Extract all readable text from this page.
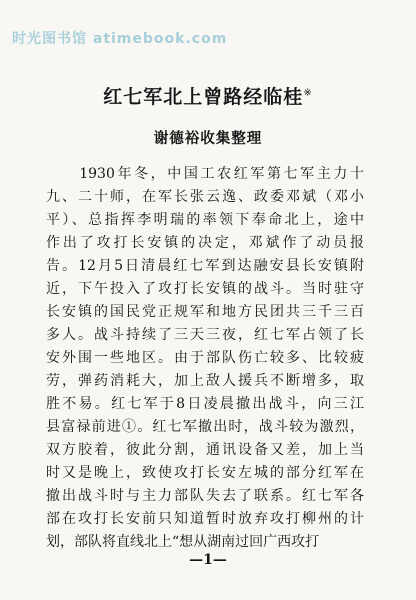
时光图书馆 atimebook.com
红七军北上曾路经临桂※
谢德裕收集整理
　　1930年冬，中国工农红军第七军主力十
九、二十师，在军长张云逸、政委邓斌（邓小
平）、总指挥李明瑞的率领下奉命北上，途中
作出了攻打长安镇的决定，邓斌作了动员报
告。12月5日清晨红七军到达融安县长安镇附
近，下午投入了攻打长安镇的战斗。当时驻守
长安镇的国民党正规军和地方民团共三千三百
多人。战斗持续了三天三夜，红七军占领了长
安外围一些地区。由于部队伤亡较多、比较疲
劳，弹药消耗大，加上敌人援兵不断增多，取
胜不易。红七军于8日凌晨撤出战斗，向三江
县富禄前进①。红七军撤出时，战斗较为激烈，
双方胶着，彼此分割，通讯设备又差，加上当
时又是晚上，致使攻打长安左城的部分红军在
撤出战斗时与主力部队失去了联系。红七军各
部在攻打长安前只知道暂时放弃攻打柳州的计
划，部队将直线北上“想从湖南过回广西攻打
—1—
